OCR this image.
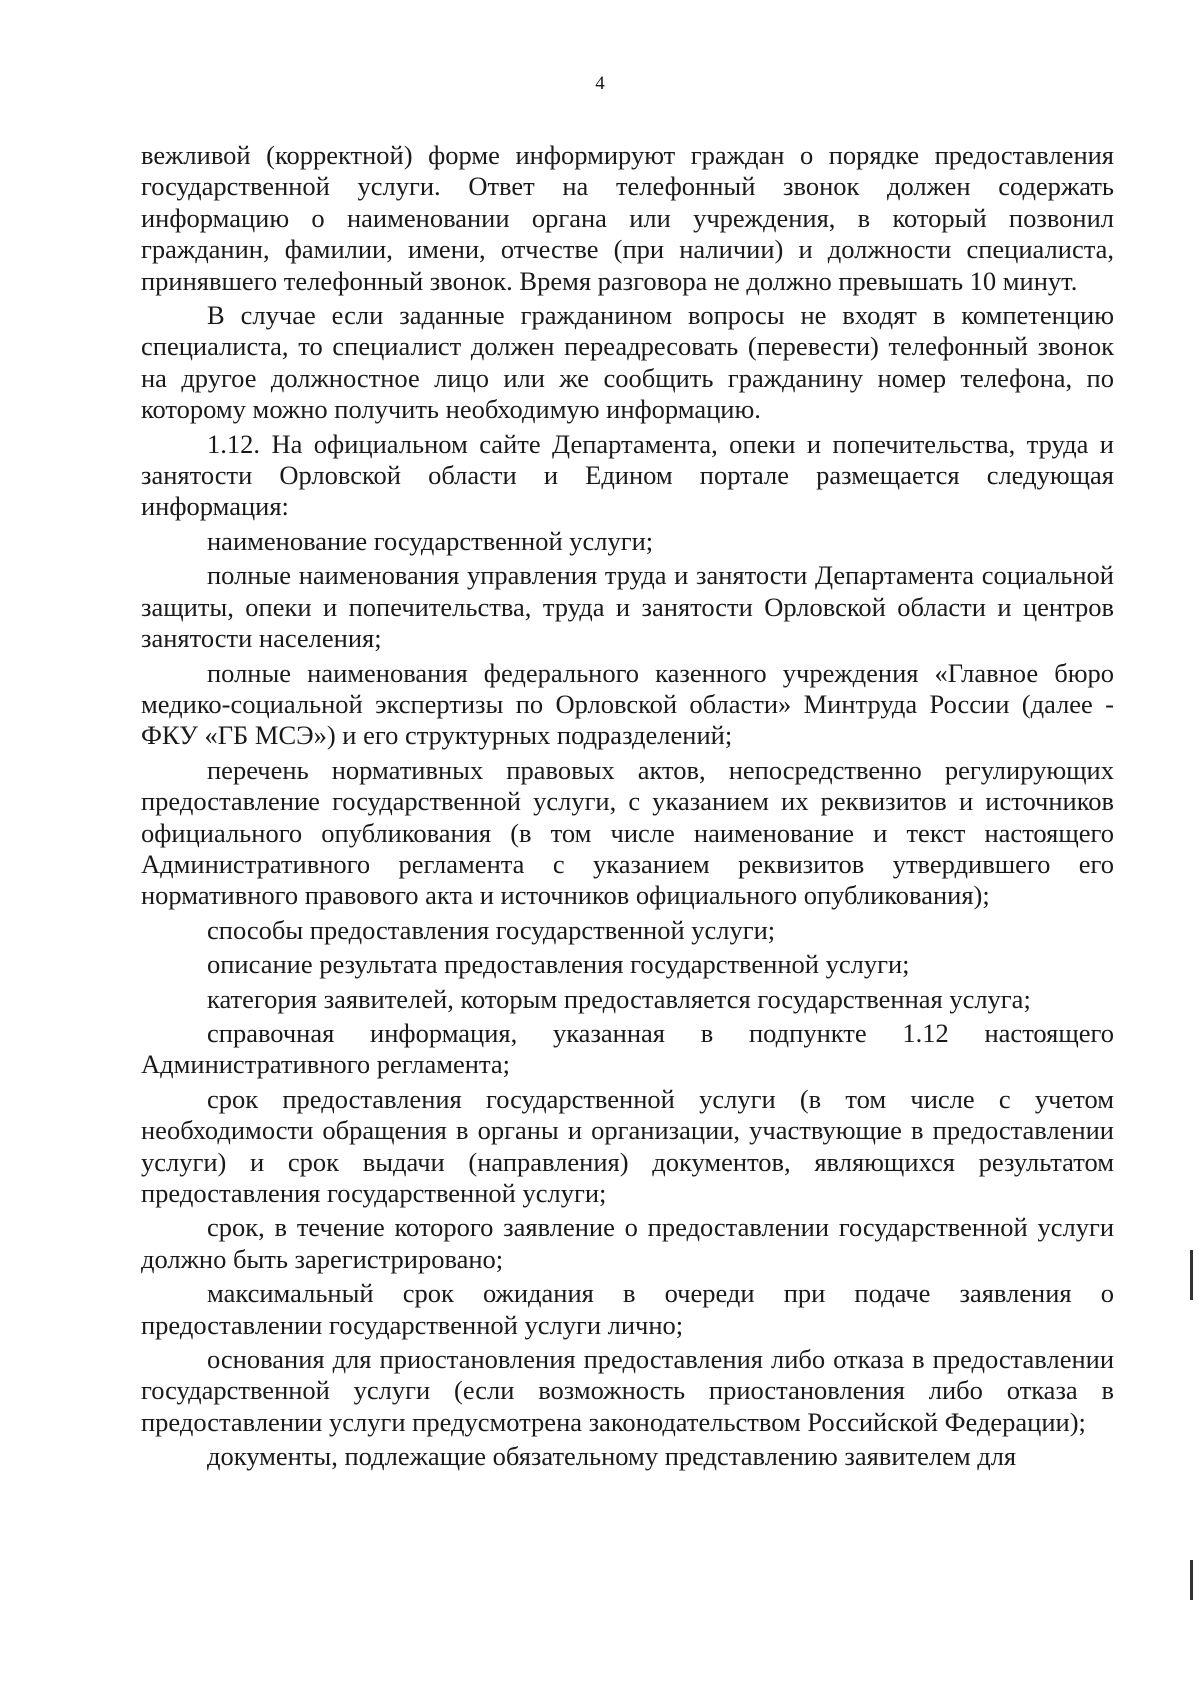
4

вежливой (корректной) форме информируют граждан о порядке предоставления государственной услуги. Ответ на телефонный звонок должен содержать информацию о наименовании органа или учреждения, в который позвонил гражданин, фамилии, имени, отчестве (при наличии) и должности специалиста, принявшего телефонный звонок. Время разговора не должно превышать 10 минут.

В случае если заданные гражданином вопросы не входят в компетенцию специалиста, то специалист должен переадресовать (перевести) телефонный звонок на другое должностное лицо или же сообщить гражданину номер телефона, по которому можно получить необходимую информацию.

1.12. На официальном сайте Департамента, опеки и попечительства, труда и занятости Орловской области и Едином портале размещается следующая информация:

наименование государственной услуги;

полные наименования управления труда и занятости Департамента социальной защиты, опеки и попечительства, труда и занятости Орловской области и центров занятости населения;

полные наименования федерального казенного учреждения «Главное бюро медико-социальной экспертизы по Орловской области» Минтруда России (далее - ФКУ «ГБ МСЭ») и его структурных подразделений;

перечень нормативных правовых актов, непосредственно регулирующих предоставление государственной услуги, с указанием их реквизитов и источников официального опубликования (в том числе наименование и текст настоящего Административного регламента с указанием реквизитов утвердившего его нормативного правового акта и источников официального опубликования);

способы предоставления государственной услуги;

описание результата предоставления государственной услуги;

категория заявителей, которым предоставляется государственная услуга;

справочная информация, указанная в подпункте 1.12 настоящего Административного регламента;

срок предоставления государственной услуги (в том числе с учетом необходимости обращения в органы и организации, участвующие в предоставлении услуги) и срок выдачи (направления) документов, являющихся результатом предоставления государственной услуги;

срок, в течение которого заявление о предоставлении государственной услуги должно быть зарегистрировано;

максимальный срок ожидания в очереди при подаче заявления о предоставлении государственной услуги лично;

основания для приостановления предоставления либо отказа в предоставлении государственной услуги (если возможность приостановления либо отказа в предоставлении услуги предусмотрена законодательством Российской Федерации);

документы, подлежащие обязательному представлению заявителем для
